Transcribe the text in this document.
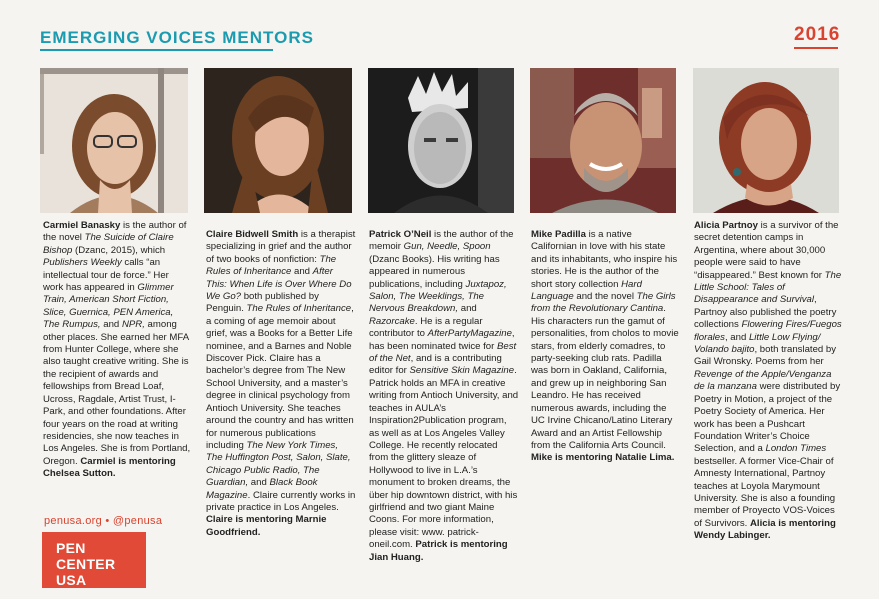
EMERGING VOICES MENTORS	2016
Carmiel Banasky is the author of the novel The Suicide of Claire Bishop (Dzanc, 2015), which Publishers Weekly calls “an intellectual tour de force.” Her work has appeared in Glimmer Train, American Short Fiction, Slice, Guernica, PEN America, The Rumpus, and NPR, among other places. She earned her MFA from Hunter College, where she also taught creative writing. She is the recipient of awards and fellowships from Bread Loaf, Ucross, Ragdale, Artist Trust, I-Park, and other foundations. After four years on the road at writing residencies, she now teaches in Los Angeles. She is from Portland, Oregon. Carmiel is mentoring Chelsea Sutton.
Claire Bidwell Smith is a therapist specializing in grief and the author of two books of nonfiction: The Rules of Inheritance and After This: When Life is Over Where Do We Go? both published by Penguin. The Rules of Inheritance, a coming of age memoir about grief, was a Books for a Better Life nominee, and a Barnes and Noble Discover Pick. Claire has a bachelor’s degree from The New School University, and a master’s degree in clinical psychology from Antioch University. She teaches around the country and has written for numerous publications including The New York Times, The Huffington Post, Salon, Slate, Chicago Public Radio, The Guardian, and Black Book Magazine. Claire currently works in private practice in Los Angeles. Claire is mentoring Marnie Goodfriend.
Patrick O’Neil is the author of the memoir Gun, Needle, Spoon (Dzanc Books). His writing has appeared in numerous publications, including Juxtapoz, Salon, The Weeklings, The Nervous Breakdown, and Razorcake. He is a regular contributor to AfterPartyMagazine, has been nominated twice for Best of the Net, and is a contributing editor for Sensitive Skin Magazine. Patrick holds an MFA in creative writing from Antioch University, and teaches in AULA’s Inspiration2Publication program, as well as at Los Angeles Valley College. He recently relocated from the glittery sleaze of Hollywood to live in L.A.’s monument to broken dreams, the über hip downtown district, with his girlfriend and two giant Maine Coons. For more information, please visit: www. patrick-oneil.com. Patrick is mentoring Jian Huang.
Mike Padilla is a native Californian in love with his state and its inhabitants, who inspire his stories. He is the author of the short story collection Hard Language and the novel The Girls from the Revolutionary Cantina. His characters run the gamut of personalities, from cholos to movie stars, from elderly comadres, to party-seeking club rats. Padilla was born in Oakland, California, and grew up in neighboring San Leandro. He has received numerous awards, including the UC Irvine Chicano/Latino Literary Award and an Artist Fellowship from the California Arts Council. Mike is mentoring Natalie Lima.
Alicia Partnoy is a survivor of the secret detention camps in Argentina, where about 30,000 people were said to have “disappeared.” Best known for The Little School: Tales of Disappearance and Survival, Partnoy also published the poetry collections Flowering Fires/Fuegos florales, and Little Low Flying/ Volando bajito, both translated by Gail Wronsky. Poems from her Revenge of the Apple/Venganza de la manzana were distributed by Poetry in Motion, a project of the Poetry Society of America. Her work has been a Pushcart Foundation Writer’s Choice Selection, and a London Times bestseller. A former Vice-Chair of Amnesty International, Partnoy teaches at Loyola Marymount University. She is also a founding member of Proyecto VOS-Voices of Survivors. Alicia is mentoring Wendy Labinger.
penusa.org • @penusa
PEN CENTER
USA
